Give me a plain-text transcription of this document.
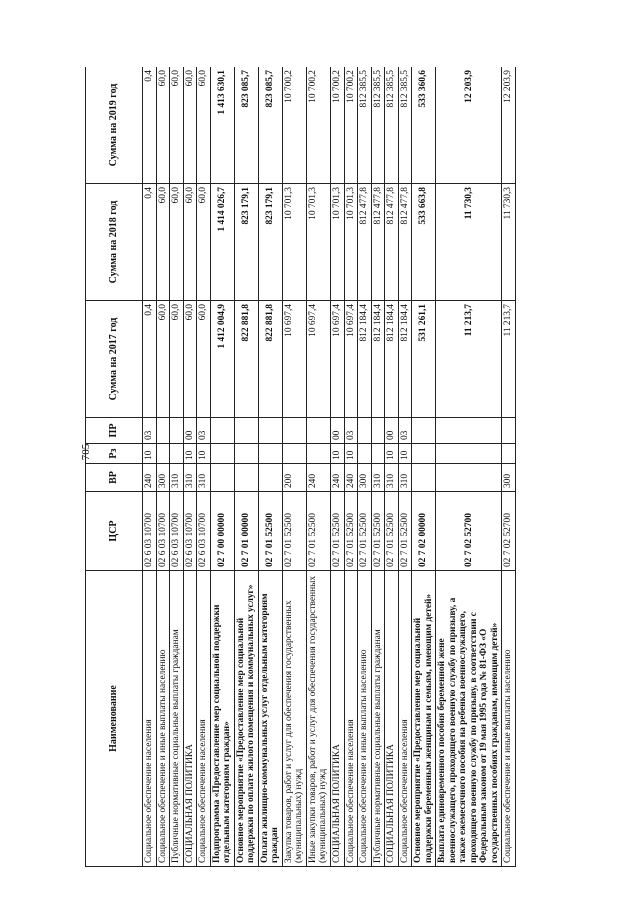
705
Наименование	ЦСР	ВР	Рз	ПР	Сумма на 2017 год	Сумма на 2018 год	Сумма на 2019 год
Социальное обеспечение населения	02 6 03 10700	240	10	03	0,4	0,4	0,4
Социальное обеспечение и иные выплаты населению	02 6 03 10700	300			60,0	60,0	60,0
Публичные нормативные социальные выплаты гражданам	02 6 03 10700	310			60,0	60,0	60,0
СОЦИАЛЬНАЯ ПОЛИТИКА	02 6 03 10700	310	10	00	60,0	60,0	60,0
Социальное обеспечение населения	02 6 03 10700	310	10	03	60,0	60,0	60,0
Подпрограмма «Предоставление мер социальной поддержки отдельным категориям граждан»	02 7 00 00000				1 412 004,9	1 414 026,7	1 413 630,1
Основное мероприятие «Предоставление мер социальной поддержки по оплате жилого помещения и коммунальных услуг»	02 7 01 00000				822 881,8	823 179,1	823 085,7
Оплата жилищно-коммунальных услуг отдельным категориям граждан	02 7 01 52500				822 881,8	823 179,1	823 085,7
Закупка товаров, работ и услуг для обеспечения государственных (муниципальных) нужд	02 7 01 52500	200			10 697,4	10 701,3	10 700,2
Иные закупки товаров, работ и услуг для обеспечения государственных (муниципальных) нужд	02 7 01 52500	240			10 697,4	10 701,3	10 700,2
СОЦИАЛЬНАЯ ПОЛИТИКА	02 7 01 52500	240	10	00	10 697,4	10 701,3	10 700,2
Социальное обеспечение населения	02 7 01 52500	240	10	03	10 697,4	10 701,3	10 700,2
Социальное обеспечение и иные выплаты населению	02 7 01 52500	300			812 184,4	812 477,8	812 385,5
Публичные нормативные социальные выплаты гражданам	02 7 01 52500	310			812 184,4	812 477,8	812 385,5
СОЦИАЛЬНАЯ ПОЛИТИКА	02 7 01 52500	310	10	00	812 184,4	812 477,8	812 385,5
Социальное обеспечение населения	02 7 01 52500	310	10	03	812 184,4	812 477,8	812 385,5
Основное мероприятие «Предоставление мер социальной поддержки беременным женщинам и семьям, имеющим детей»	02 7 02 00000				531 261,1	533 663,8	533 360,6
Выплата единовременного пособия беременной жене военнослужащего, проходящего военную службу по призыву, а также ежемесячного пособия на ребенка военнослужащего, проходящего военную службу по призыву, в соответствии с Федеральным законом от 19 мая 1995 года № 81-ФЗ «О государственных пособиях гражданам, имеющим детей»	02 7 02 52700				11 213,7	11 730,3	12 203,9
Социальное обеспечение и иные выплаты населению	02 7 02 52700	300			11 213,7	11 730,3	12 203,9
